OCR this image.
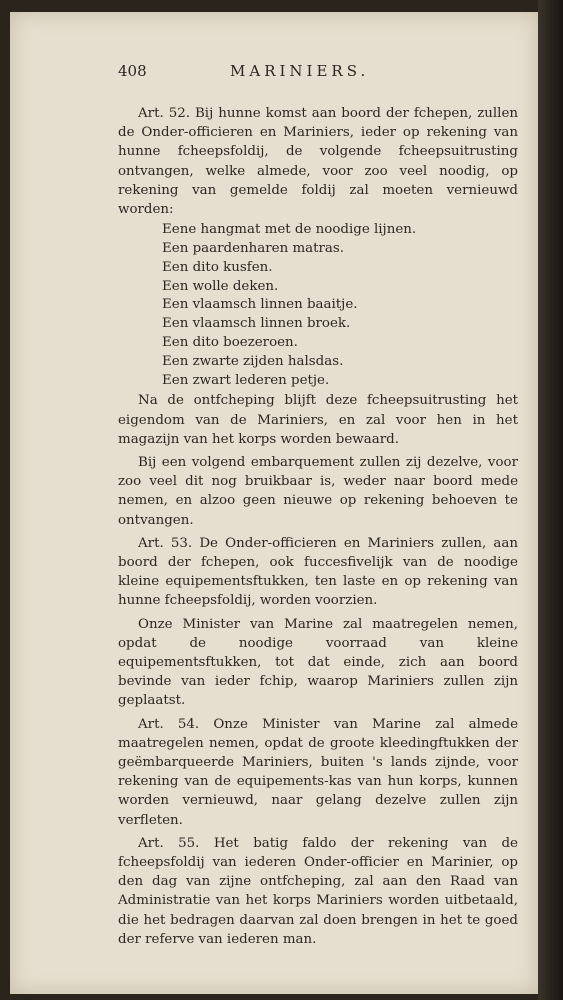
408	MARINIERS.

Art. 52. Bij hunne komst aan boord der fchepen, zullen de Onder-officieren en Mariniers, ieder op rekening van hunne fcheepsfoldij, de volgende fcheepsuitrusting ontvangen, welke almede, voor zoo veel noodig, op rekening van gemelde foldij zal moeten vernieuwd worden:

Eene hangmat met de noodige lijnen.
Een paardenharen matras.
Een dito kusfen.
Een wolle deken.
Een vlaamsch linnen baaitje.
Een vlaamsch linnen broek.
Een dito boezeroen.
Een zwarte zijden halsdas.
Een zwart lederen petje.

Na de ontfcheping blijft deze fcheepsuitrusting het eigendom van de Mariniers, en zal voor hen in het magazijn van het korps worden bewaard.

Bij een volgend embarquement zullen zij dezelve, voor zoo veel dit nog bruikbaar is, weder naar boord mede nemen, en alzoo geen nieuwe op rekening behoeven te ontvangen.

Art. 53. De Onder-officieren en Mariniers zullen, aan boord der fchepen, ook fuccesfivelijk van de noodige kleine equipementsftukken, ten laste en op rekening van hunne fcheepsfoldij, worden voorzien.

Onze Minister van Marine zal maatregelen nemen, opdat de noodige voorraad van kleine equipementsftukken, tot dat einde, zich aan boord bevinde van ieder fchip, waarop Mariniers zullen zijn geplaatst.

Art. 54. Onze Minister van Marine zal almede maatregelen nemen, opdat de groote kleedingftukken der geëmbarqueerde Mariniers, buiten 's lands zijnde, voor rekening van de equipements-kas van hun korps, kunnen worden vernieuwd, naar gelang dezelve zullen zijn verfleten.

Art. 55. Het batig faldo der rekening van de fcheepsfoldij van iederen Onder-officier en Marinier, op den dag van zijne ontfcheping, zal aan den Raad van Administratie van het korps Mariniers worden uitbetaald, die het bedragen daarvan zal doen brengen in het te goed der referve van iederen man.
